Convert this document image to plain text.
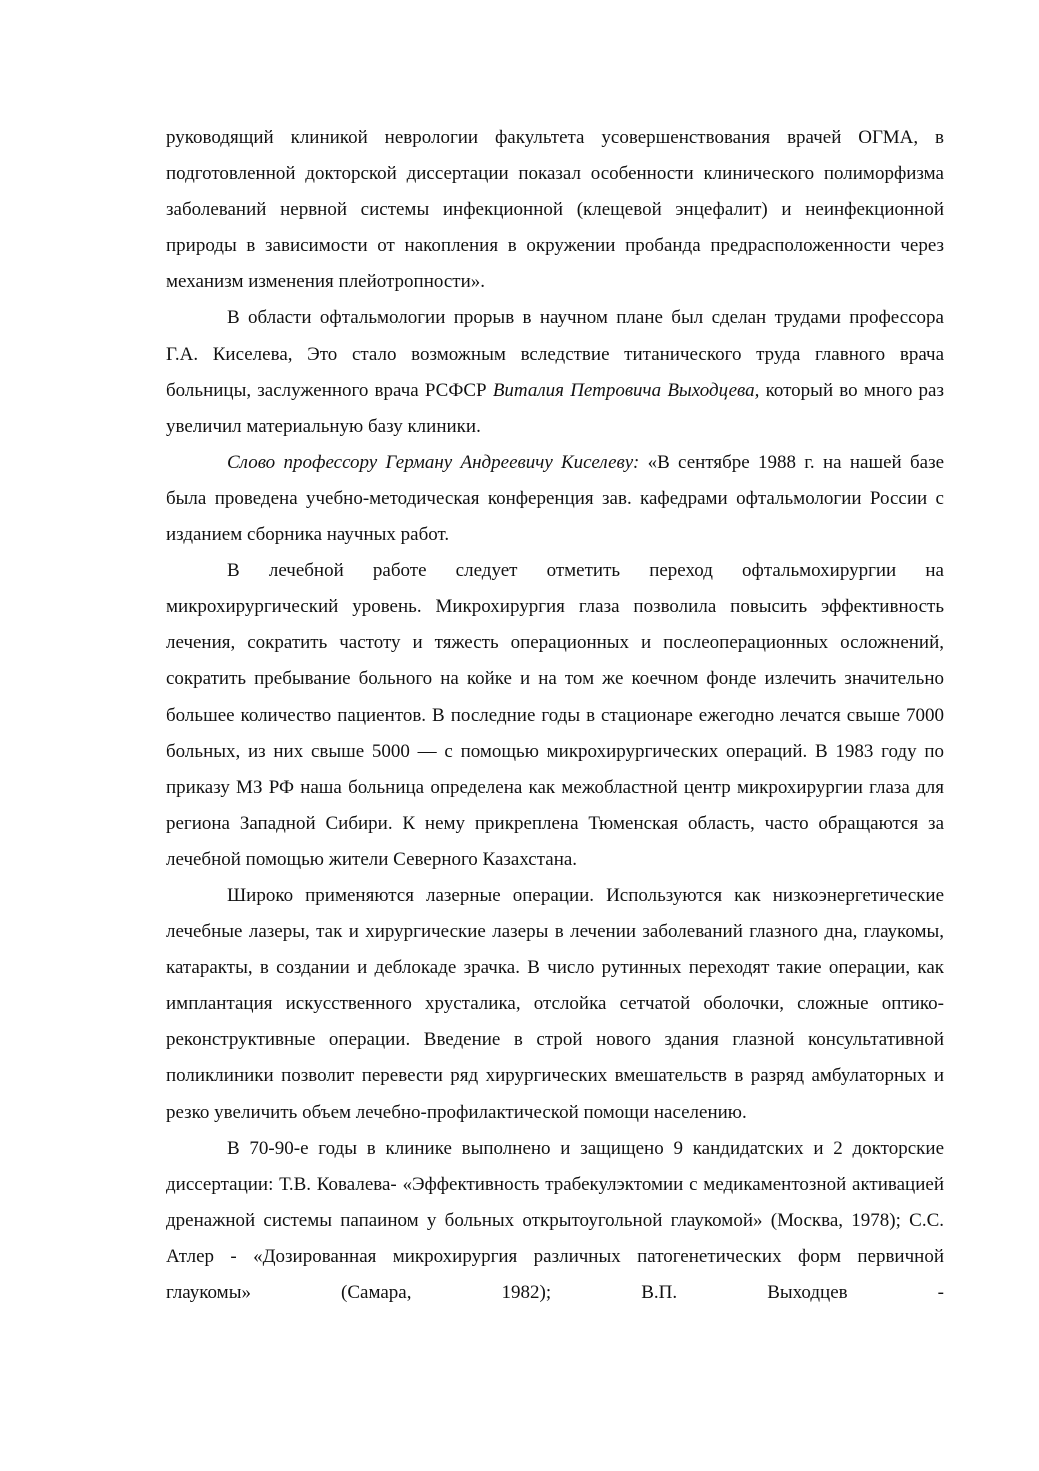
руководящий клиникой неврологии факультета усовершенствования врачей ОГМА, в подготовленной докторской диссертации показал особенности клинического полиморфизма заболеваний нервной системы инфекционной (клещевой энцефалит) и неинфекционной природы в зависимости от накопления в окружении пробанда предрасположенности через механизм изменения плейотропности».

В области офтальмологии прорыв в научном плане был сделан трудами профессора Г.А. Киселева, Это стало возможным вследствие титанического труда главного врача больницы, заслуженного врача РСФСР Виталия Петровича Выходцева, который во много раз увеличил материальную базу клиники.

Слово профессору Герману Андреевичу Киселеву: «В сентябре 1988 г. на нашей базе была проведена учебно-методическая конференция зав. кафедрами офтальмологии России с изданием сборника научных работ.

В лечебной работе следует отметить переход офтальмохирургии на микрохирургический уровень. Микрохирургия глаза позволила повысить эффективность лечения, сократить частоту и тяжесть операционных и послеоперационных осложнений, сократить пребывание больного на койке и на том же коечном фонде излечить значительно большее количество пациентов. В последние годы в стационаре ежегодно лечатся свыше 7000 больных, из них свыше 5000 — с помощью микрохирургических операций. В 1983 году по приказу МЗ РФ наша больница определена как межобластной центр микрохирургии глаза для региона Западной Сибири. К нему прикреплена Тюменская область, часто обращаются за лечебной помощью жители Северного Казахстана.

Широко применяются лазерные операции. Используются как низкоэнергетические лечебные лазеры, так и хирургические лазеры в лечении заболеваний глазного дна, глаукомы, катаракты, в создании и деблокаде зрачка. В число рутинных переходят такие операции, как имплантация искусственного хрусталика, отслойка сетчатой оболочки, сложные оптико-реконструктивные операции. Введение в строй нового здания глазной консультативной поликлиники позволит перевести ряд хирургических вмешательств в разряд амбулаторных и резко увеличить объем лечебно-профилактической помощи населению.

В 70-90-е годы в клинике выполнено и защищено 9 кандидатских и 2 докторские диссертации: Т.В. Ковалева- «Эффективность трабекулэктомии с медикаментозной активацией дренажной системы папаином у больных открытоугольной глаукомой» (Москва, 1978); С.С. Атлер - «Дозированная микрохирургия различных патогенетических форм первичной глаукомы» (Самара, 1982); В.П. Выходцев -
